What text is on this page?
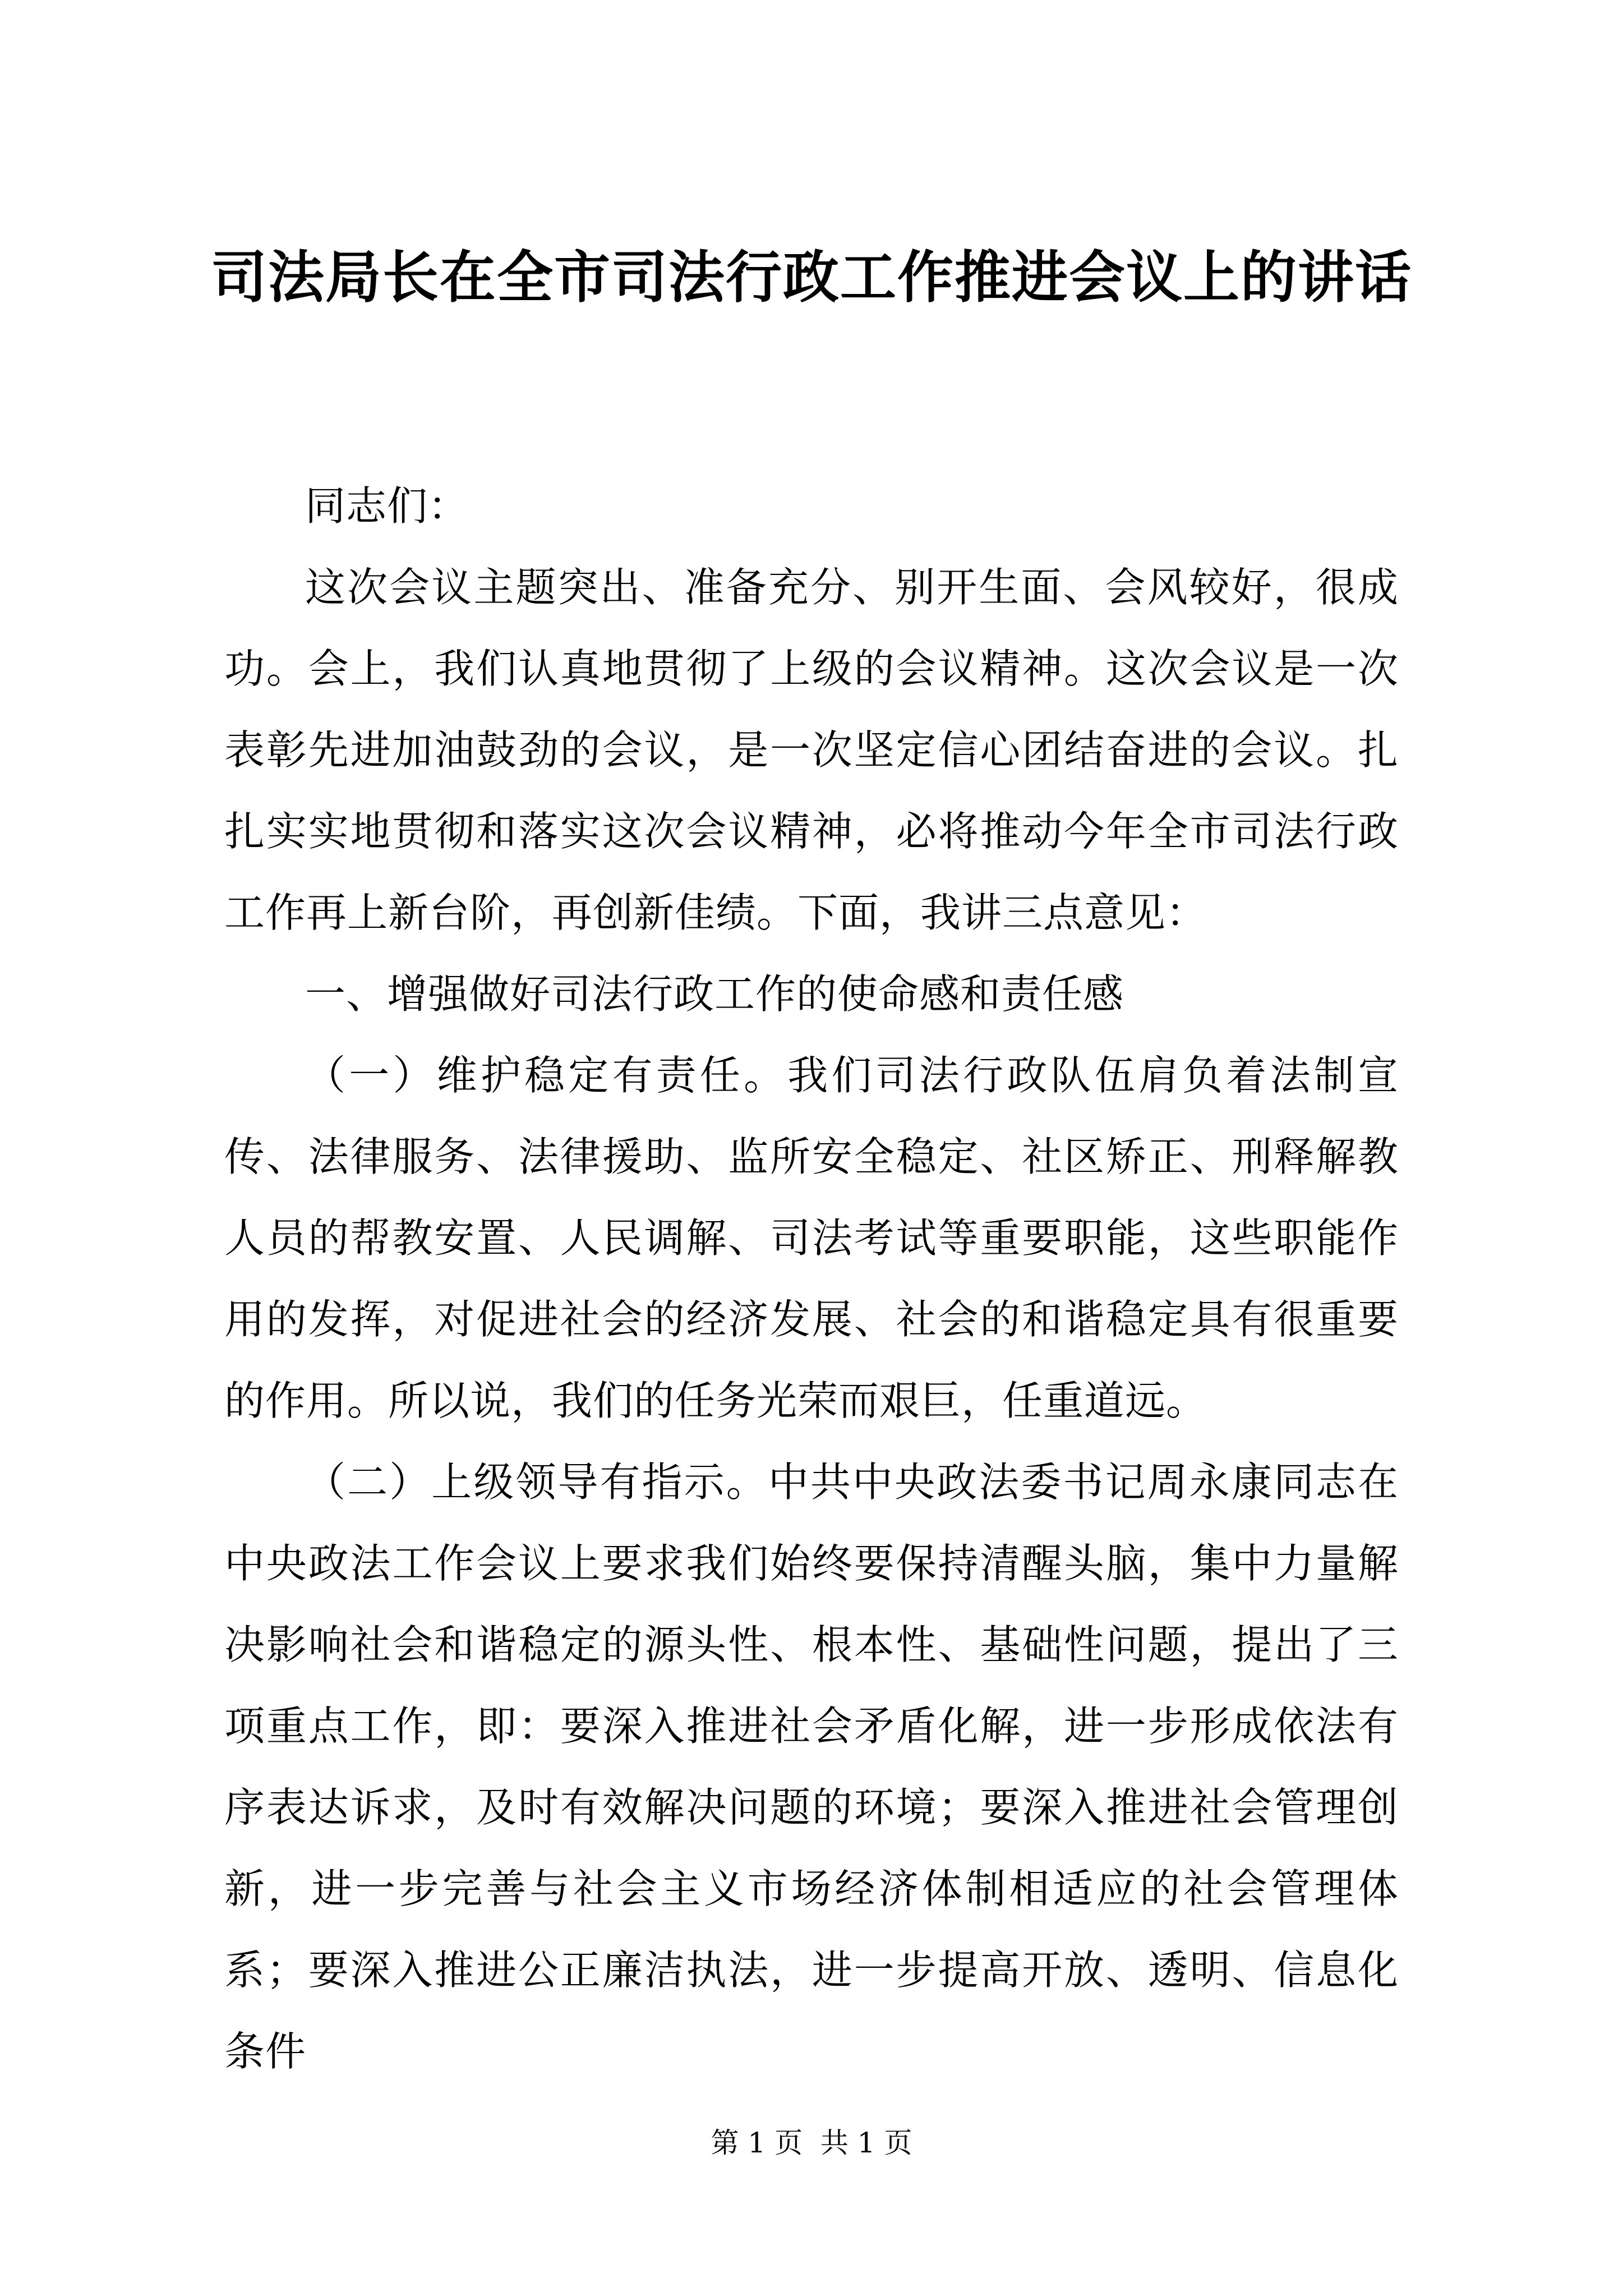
司法局长在全市司法行政工作推进会议上的讲话

同志们：

这次会议主题突出、准备充分、别开生面、会风较好，很成功。会上，我们认真地贯彻了上级的会议精神。这次会议是一次表彰先进加油鼓劲的会议，是一次坚定信心团结奋进的会议。扎扎实实地贯彻和落实这次会议精神，必将推动今年全市司法行政工作再上新台阶，再创新佳绩。下面，我讲三点意见：

一、增强做好司法行政工作的使命感和责任感

（一）维护稳定有责任。我们司法行政队伍肩负着法制宣传、法律服务、法律援助、监所安全稳定、社区矫正、刑释解教人员的帮教安置、人民调解、司法考试等重要职能，这些职能作用的发挥，对促进社会的经济发展、社会的和谐稳定具有很重要的作用。所以说，我们的任务光荣而艰巨，任重道远。

（二）上级领导有指示。中共中央政法委书记周永康同志在中央政法工作会议上要求我们始终要保持清醒头脑，集中力量解决影响社会和谐稳定的源头性、根本性、基础性问题，提出了三项重点工作，即：要深入推进社会矛盾化解，进一步形成依法有序表达诉求，及时有效解决问题的环境；要深入推进社会管理创新，进一步完善与社会主义市场经济体制相适应的社会管理体系；要深入推进公正廉洁执法，进一步提高开放、透明、信息化条件

第 1 页  共 1 页
